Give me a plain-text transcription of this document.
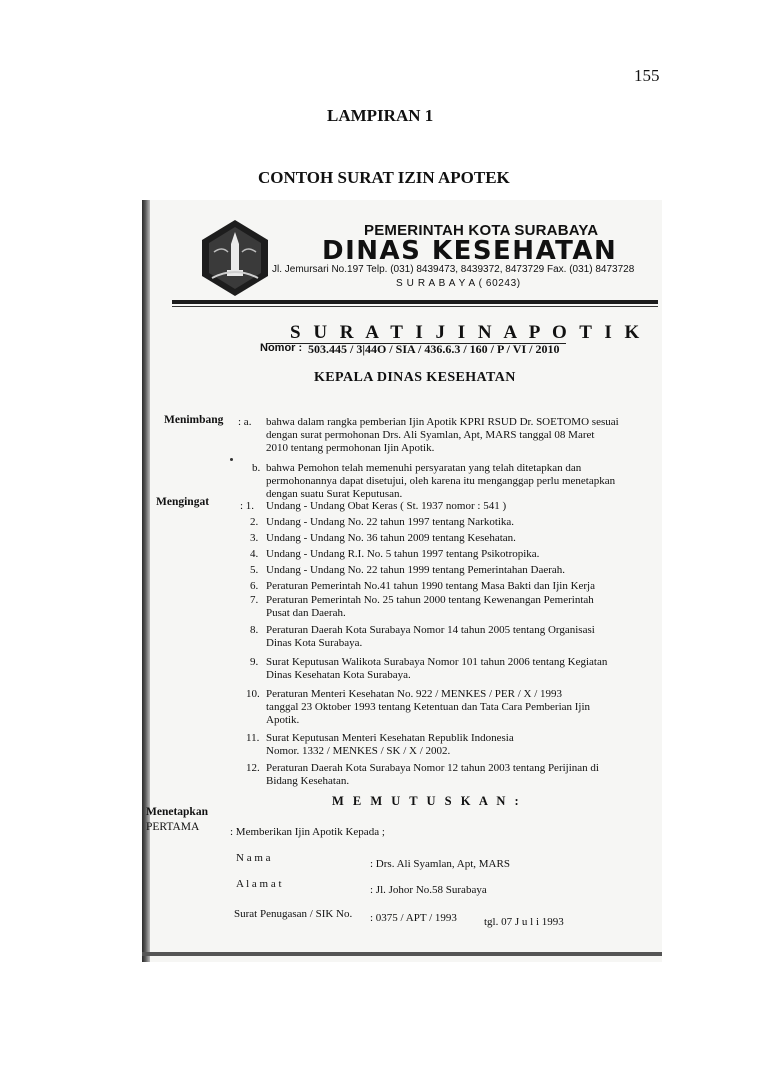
155
LAMPIRAN 1
CONTOH SURAT IZIN APOTEK
PEMERINTAH KOTA SURABAYA
DINAS KESEHATAN
Jl. Jemursari No.197 Telp. (031) 8439473, 8439372, 8473729 Fax. (031) 8473728
S U R A B A Y A ( 60243)
S U R A T I J I N A P O T I K
Nomor : 503.445 / 3|44O / SIA / 436.6.3 / 160 / P / VI / 2010
KEPALA DINAS KESEHATAN
Menimbang : a. bahwa dalam rangka pemberian Ijin Apotik KPRI RSUD Dr. SOETOMO sesuai
dengan surat permohonan Drs. Ali Syamlan, Apt, MARS tanggal 08 Maret
2010 tentang permohonan Ijin Apotik.
b. bahwa Pemohon telah memenuhi persyaratan yang telah ditetapkan dan
permohonannya dapat disetujui, oleh karena itu menganggap perlu menetapkan
dengan suatu Surat Keputusan.
Mengingat	: 1. Undang - Undang Obat Keras ( St. 1937 nomor : 541 )
2. Undang - Undang No. 22 tahun 1997 tentang Narkotika.
3. Undang - Undang No. 36 tahun 2009 tentang Kesehatan.
4. Undang - Undang R.I. No. 5 tahun 1997 tentang Psikotropika.
5. Undang - Undang No. 22 tahun 1999 tentang Pemerintahan Daerah.
6. Peraturan Pemerintah No.41 tahun 1990 tentang Masa Bakti dan Ijin Kerja
7. Peraturan Pemerintah No. 25 tahun 2000 tentang Kewenangan Pemerintah
Pusat dan Daerah.
8. Peraturan Daerah Kota Surabaya Nomor 14 tahun 2005 tentang Organisasi
Dinas Kota Surabaya.
9. Surat Keputusan Walikota Surabaya Nomor 101 tahun 2006 tentang Kegiatan
Dinas Kesehatan Kota Surabaya.
10. Peraturan Menteri Kesehatan No. 922 / MENKES / PER / X / 1993
tanggal 23 Oktober 1993 tentang Ketentuan dan Tata Cara Pemberian Ijin
Apotik.
11. Surat Keputusan Menteri Kesehatan Republik Indonesia
Nomor. 1332 / MENKES / SK / X / 2002.
12. Peraturan Daerah Kota Surabaya Nomor 12 tahun 2003 tentang Perijinan di
Bidang Kesehatan.
M E M U T U S K A N :
Menetapkan
PERTAMA	: Memberikan Ijin Apotik Kepada ;
N a m a	: Drs. Ali Syamlan, Apt, MARS
A l a m a t	: Jl. Johor No.58 Surabaya
Surat Penugasan / SIK No. : 0375 / APT / 1993 tgl. 07 J u l i 1993
